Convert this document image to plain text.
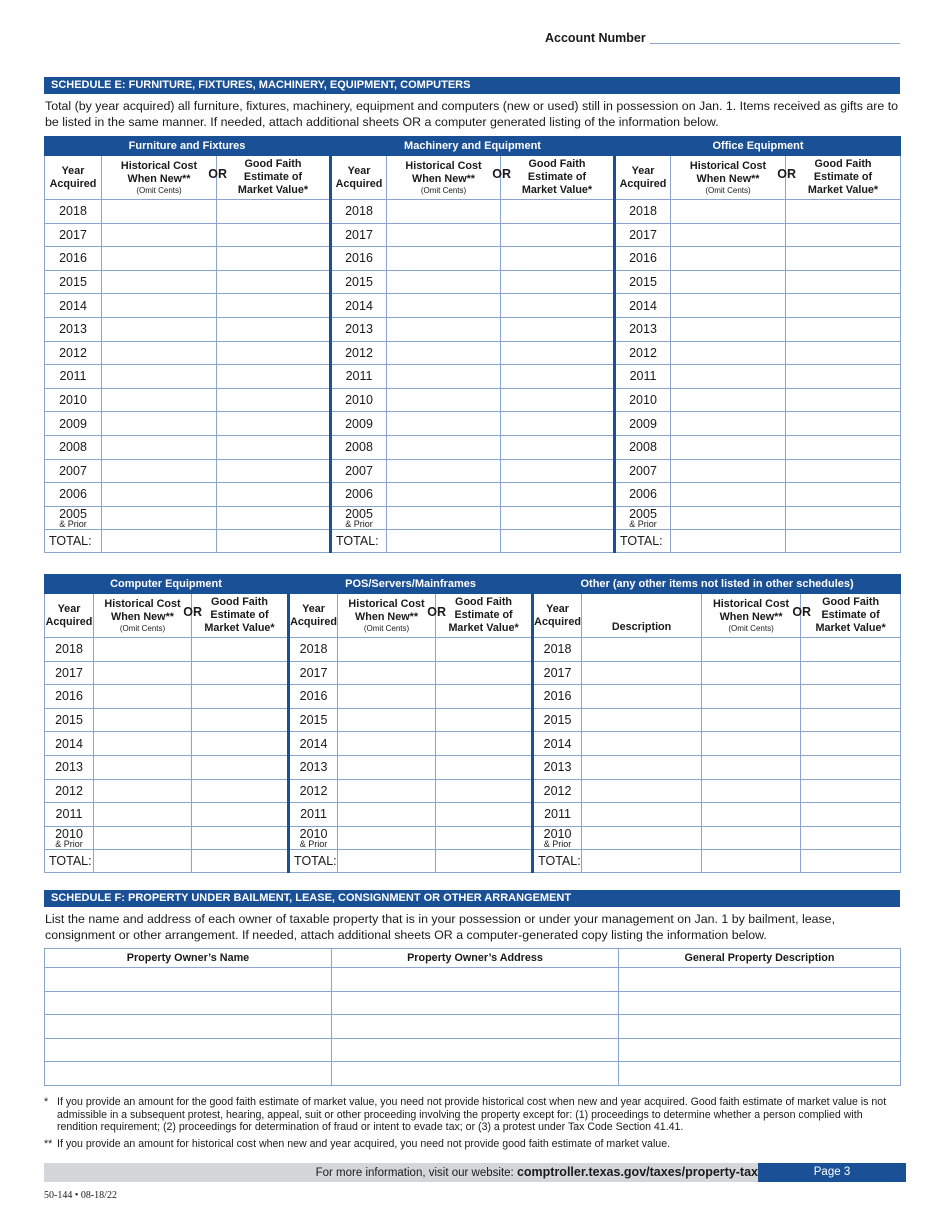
Account Number
SCHEDULE E: FURNITURE, FIXTURES, MACHINERY, EQUIPMENT, COMPUTERS
Total (by year acquired) all furniture, fixtures, machinery, equipment and computers (new or used) still in possession on Jan. 1. Items received as gifts are to be listed in the same manner. If needed, attach additional sheets OR a computer generated listing of the information below.
Furniture and Fixtures			Machinery and Equipment			Office Equipment		

Year
Acquired	Historical Cost
When New**
(Omit Cents)
OR	Good Faith
Estimate of
Market Value*	Year
Acquired	Historical Cost
When New**
(Omit Cents)
OR	Good Faith
Estimate of
Market Value*	Year
Acquired	Historical Cost
When New**
(Omit Cents)
OR	Good Faith
Estimate of
Market Value*

2018			2018			2018		
2017			2017			2017		
2016			2016			2016		
2015			2015			2015		
2014			2014			2014		
2013			2013			2013		
2012			2012			2012		
2011			2011			2011		
2010			2010			2010		
2009			2009			2009		
2008			2008			2008		
2007			2007			2007		
2006			2006			2006		

2005
& Prior			2005
& Prior			2005
& Prior		

TOTAL:			TOTAL:			TOTAL:		
Computer Equipment			POS/Servers/Mainframes			Other (any other items not listed in other schedules)			

Year
Acquired	Historical Cost
When New**
(Omit Cents)
OR	Good Faith
Estimate of
Market Value*	Year
Acquired	Historical Cost
When New**
(Omit Cents)
OR	Good Faith
Estimate of
Market Value*	Year
Acquired	Description	Historical Cost
When New**
(Omit Cents)
OR	Good Faith
Estimate of
Market Value*

2018			2018			2018			
2017			2017			2017			
2016			2016			2016			
2015			2015			2015			
2014			2014			2014			
2013			2013			2013			
2012			2012			2012			
2011			2011			2011			

2010
& Prior			2010
& Prior			2010
& Prior			

TOTAL:			TOTAL:			TOTAL:			
SCHEDULE F: PROPERTY UNDER BAILMENT, LEASE, CONSIGNMENT OR OTHER ARRANGEMENT
List the name and address of each owner of taxable property that is in your possession or under your management on Jan. 1 by bailment, lease, consignment or other arrangement. If needed, attach additional sheets OR a computer-generated copy listing the information below.
Property Owner’s Name	Property Owner’s Address	General Property Description

* If you provide an amount for the good faith estimate of market value, you need not provide historical cost when new and year acquired. Good faith estimate of market value is not admissible in a subsequent protest, hearing, appeal, suit or other proceeding involving the property except for: (1) proceedings to determine whether a person complied with rendition requirement; (2) proceedings for determination of fraud or intent to evade tax; or (3) a protest under Tax Code Section 41.41.
** If you provide an amount for historical cost when new and year acquired, you need not provide good faith estimate of market value.
For more information, visit our website: comptroller.texas.gov/taxes/property-tax	Page 3
50-144 • 08-18/22
